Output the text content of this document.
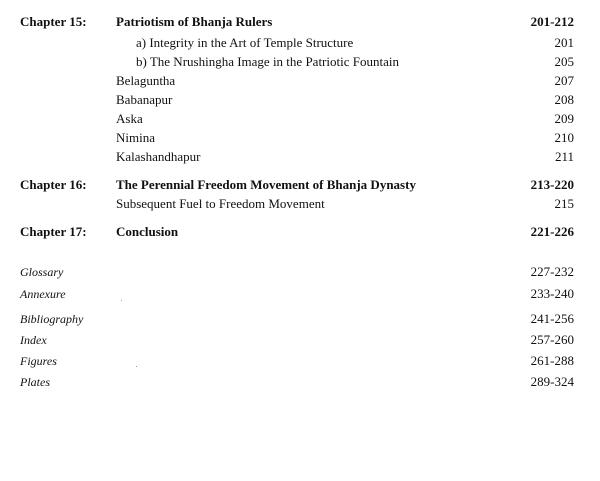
Chapter 15: Patriotism of Bhanja Rulers	201-212
a) Integrity in the Art of Temple Structure	201
b) The Nrushingha Image in the Patriotic Fountain	205
Belaguntha	207
Babanapur	208
Aska	209
Nimina	210
Kalashandhapur	211
Chapter 16: The Perennial Freedom Movement of Bhanja Dynasty	213-220
Subsequent Fuel to Freedom Movement	215
Chapter 17: Conclusion	221-226
Glossary	227-232
Annexure	233-240
Bibliography	241-256
Index	257-260
Figures	261-288
Plates	289-324
